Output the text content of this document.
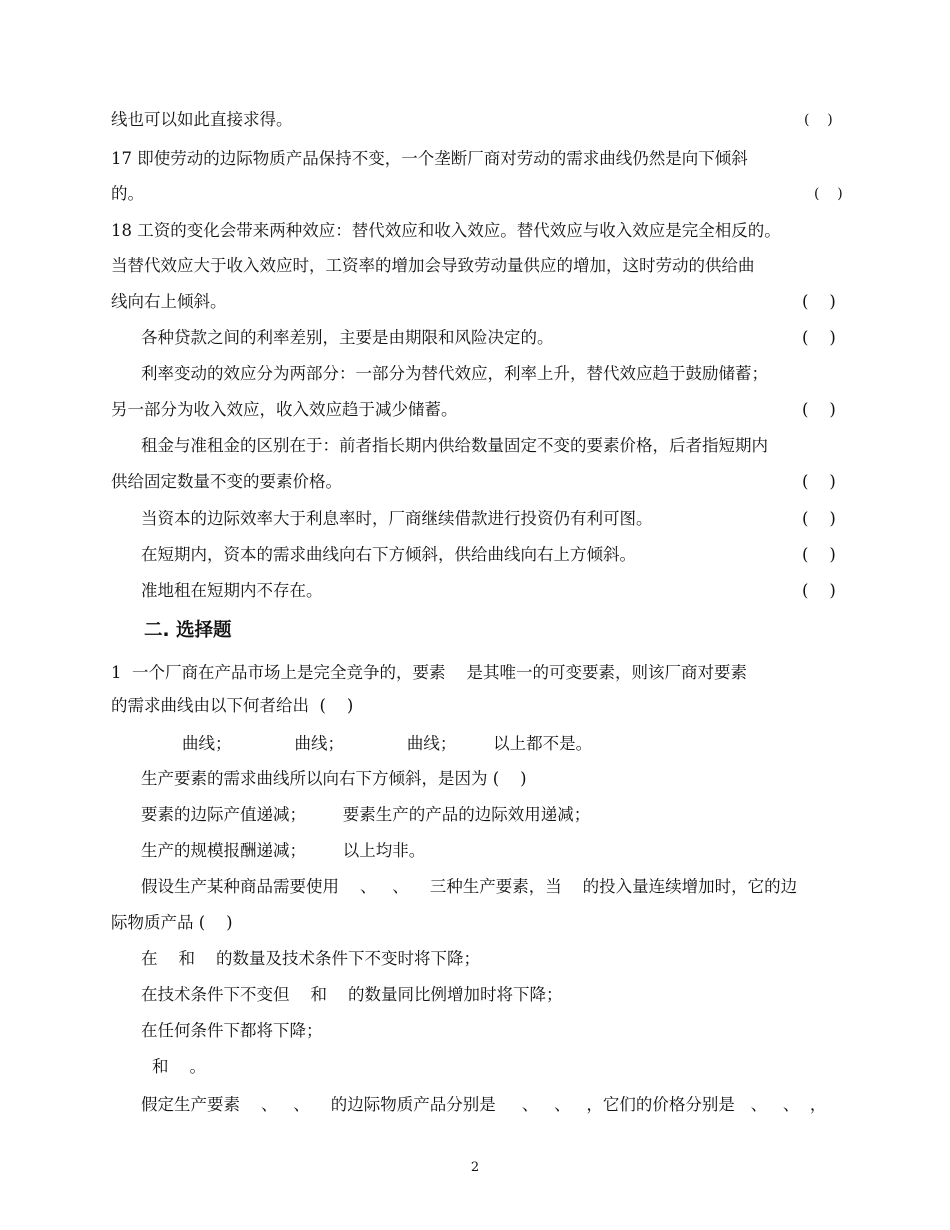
线也可以如此直接求得。

	(    )

17 即使劳动的边际物质产品保持不变，一个垄断厂商对劳动的需求曲线仍然是向下倾斜

的。

	(    )

18 工资的变化会带来两种效应：替代效应和收入效应。替代效应与收入效应是完全相反的。

当替代效应大于收入效应时，工资率的增加会导致劳动量供应的增加，这时劳动的供给曲

线向右上倾斜。

	(    )

各种贷款之间的利率差别，主要是由期限和风险决定的。

	(    )

利率变动的效应分为两部分：一部分为替代效应，利率上升，替代效应趋于鼓励储蓄；

另一部分为收入效应，收入效应趋于减少储蓄。

	(    )

租金与准租金的区别在于：前者指长期内供给数量固定不变的要素价格，后者指短期内

供给固定数量不变的要素价格。

	(    )

当资本的边际效率大于利息率时，厂商继续借款进行投资仍有利可图。

	(    )

在短期内，资本的需求曲线向右下方倾斜，供给曲线向右上方倾斜。

	(    )

准地租在短期内不存在。

	(    )

二. 选择题

1  一个厂商在产品市场上是完全竞争的，要素    是其唯一的可变要素，则该厂商对要素

的需求曲线由以下何者给出  (    )

曲线；            曲线；            曲线；       以上都不是。

生产要素的需求曲线所以向右下方倾斜，是因为 (    )

要素的边际产值递减；       要素生产的产品的边际效用递减；

生产的规模报酬递减；       以上均非。

假设生产某种商品需要使用    、   、    三种生产要素，当    的投入量连续增加时，它的边

际物质产品 (    )

在    和    的数量及技术条件下不变时将下降；

在技术条件下不变但    和    的数量同比例增加时将下降；

在任何条件下都将下降；

和    。

假定生产要素    、   、    的边际物质产品分别是     、   、   ，它们的价格分别是   、   、  ，

2
